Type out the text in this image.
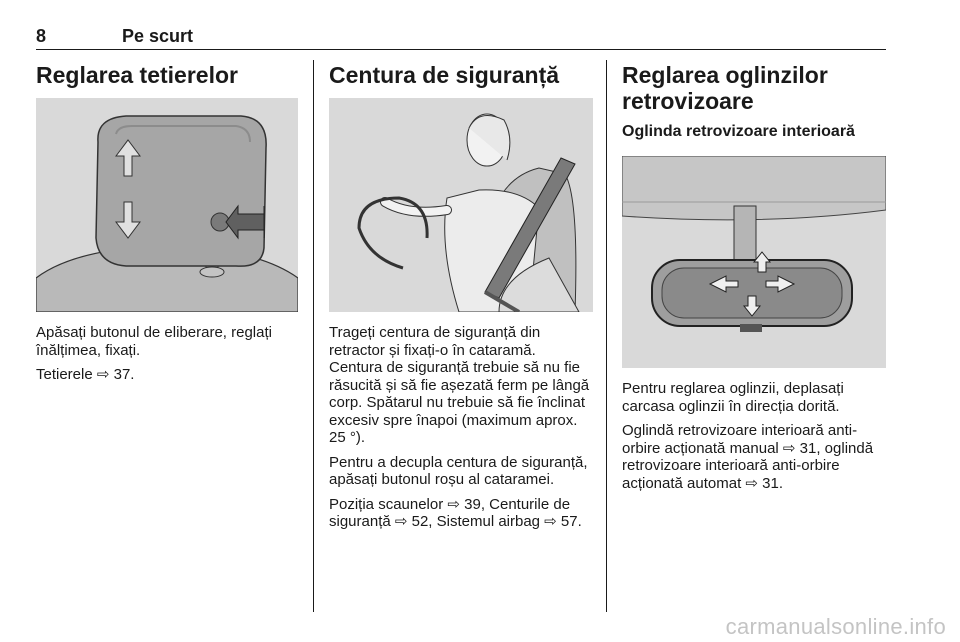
8	Pe scurt
Reglarea tetierelor

Apăsați butonul de eliberare, reglați înălțimea, fixați.

Tetierele ⇨ 37.

Centura de siguranță

Trageți centura de siguranță din retractor și fixați-o în cataramă. Centura de siguranță trebuie să nu fie răsucită și să fie așezată ferm pe lângă corp. Spătarul nu trebuie să fie înclinat excesiv spre înapoi (maximum aprox. 25 °).

Pentru a decupla centura de siguranță, apăsați butonul roșu al cataramei.

Poziția scaunelor ⇨ 39, Centurile de siguranță ⇨ 52, Sistemul airbag ⇨ 57.

Reglarea oglinzilor retrovizoare
Oglinda retrovizoare interioară

Pentru reglarea oglinzii, deplasați carcasa oglinzii în direcția dorită.

Oglindă retrovizoare interioară anti-orbire acționată manual ⇨ 31, oglindă retrovizoare interioară anti-orbire acționată automat ⇨ 31.

carmanualsonline.info
